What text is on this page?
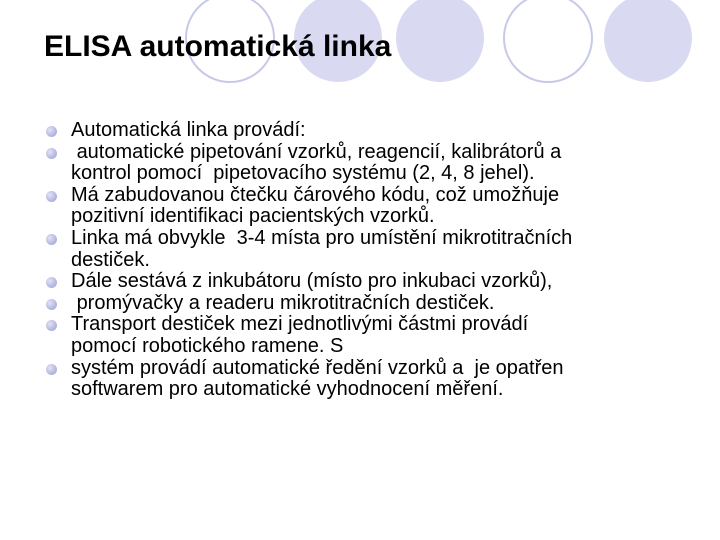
ELISA automatická linka
Automatická linka provádí:
automatické pipetování vzorků, reagencií, kalibrátorů a
kontrol pomocí  pipetovacího systému (2, 4, 8 jehel).
Má zabudovanou čtečku čárového kódu, což umožňuje
pozitivní identifikaci pacientských vzorků.
Linka má obvykle  3-4 místa pro umístění mikrotitračních
destiček.
Dále sestává z inkubátoru (místo pro inkubaci vzorků),
promývačky a readeru mikrotitračních destiček.
Transport destiček mezi jednotlivými částmi provádí
pomocí robotického ramene. S
systém provádí automatické ředění vzorků a  je opatřen
softwarem pro automatické vyhodnocení měření.
